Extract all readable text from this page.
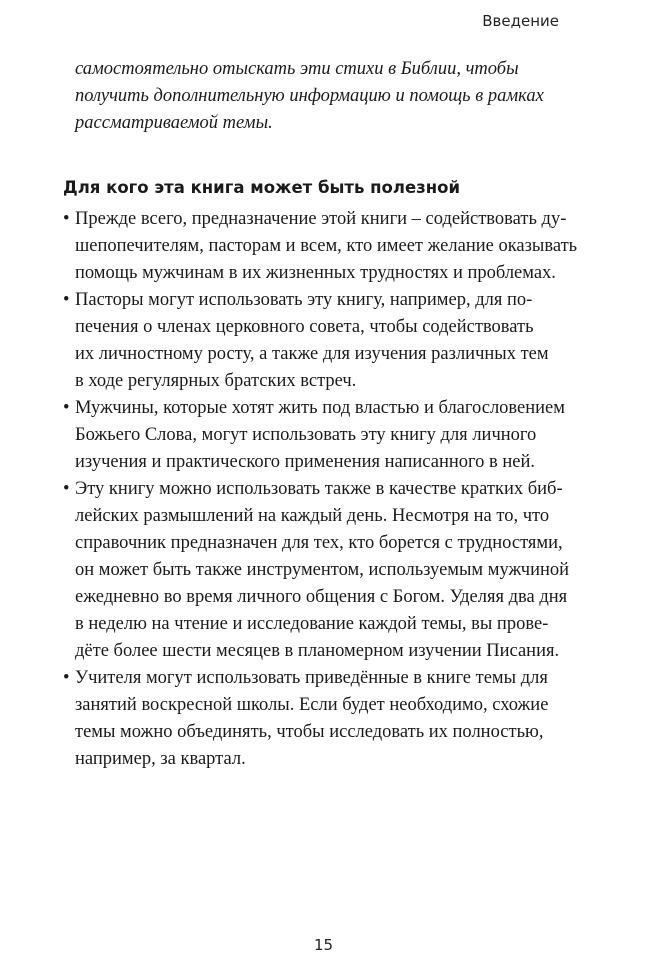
Введение

самостоятельно отыскать эти стихи в Библии, чтобы
получить дополнительную информацию и помощь в рамках
рассматриваемой темы.

Для кого эта книга может быть полезной
• Прежде всего, предназначение этой книги – содействовать ду-
шепопечителям, пасторам и всем, кто имеет желание оказывать
помощь мужчинам в их жизненных трудностях и проблемах.
• Пасторы могут использовать эту книгу, например, для по-
печения о членах церковного совета, чтобы содействовать
их личностному росту, а также для изучения различных тем
в ходе регулярных братских встреч.
• Мужчины, которые хотят жить под властью и благословением
Божьего Слова, могут использовать эту книгу для личного
изучения и практического применения написанного в ней.
• Эту книгу можно использовать также в качестве кратких биб-
лейских размышлений на каждый день. Несмотря на то, что
справочник предназначен для тех, кто борется с трудностями,
он может быть также инструментом, используемым мужчиной
ежедневно во время личного общения с Богом. Уделяя два дня
в неделю на чтение и исследование каждой темы, вы прове-
дёте более шести месяцев в планомерном изучении Писания.
• Учителя могут использовать приведённые в книге темы для
занятий воскресной школы. Если будет необходимо, схожие
темы можно объединять, чтобы исследовать их полностью,
например, за квартал.
15
